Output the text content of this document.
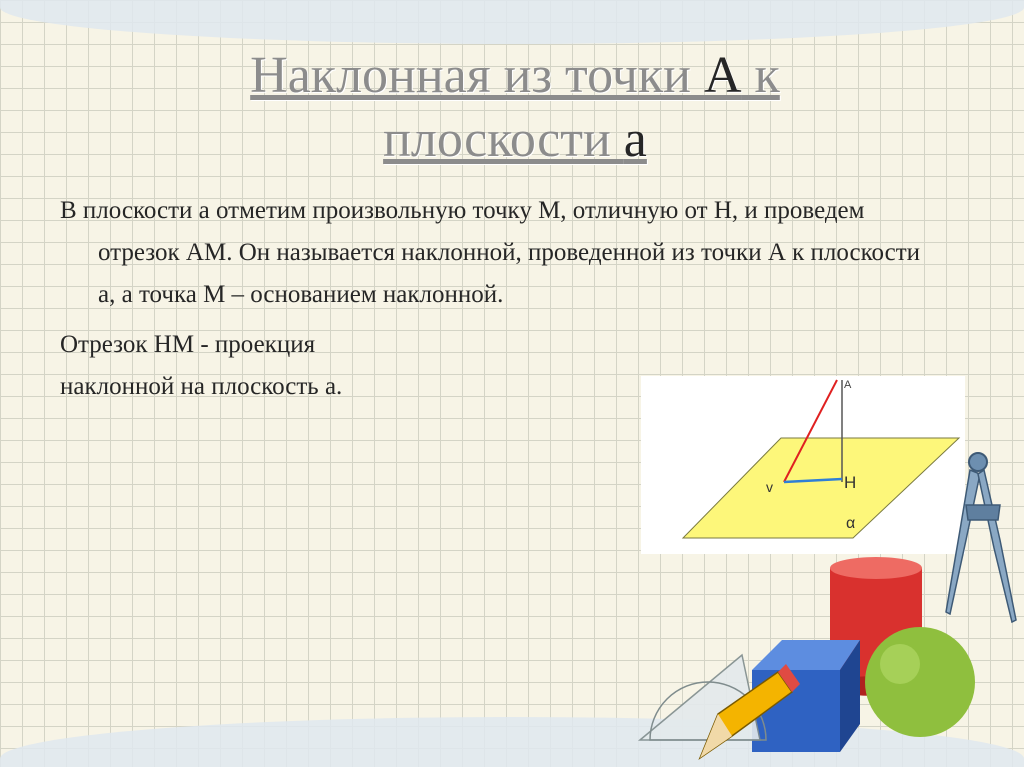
Наклонная из точки А к
плоскости а

В плоскости а отметим произвольную точку М, отличную от Н, и проведем отрезок АМ. Он называется наклонной, проведенной из точки А к плоскости а, а точка М – основанием наклонной.

Отрезок НМ - проекция

наклонной на плоскость а.	А
Н
v
α
